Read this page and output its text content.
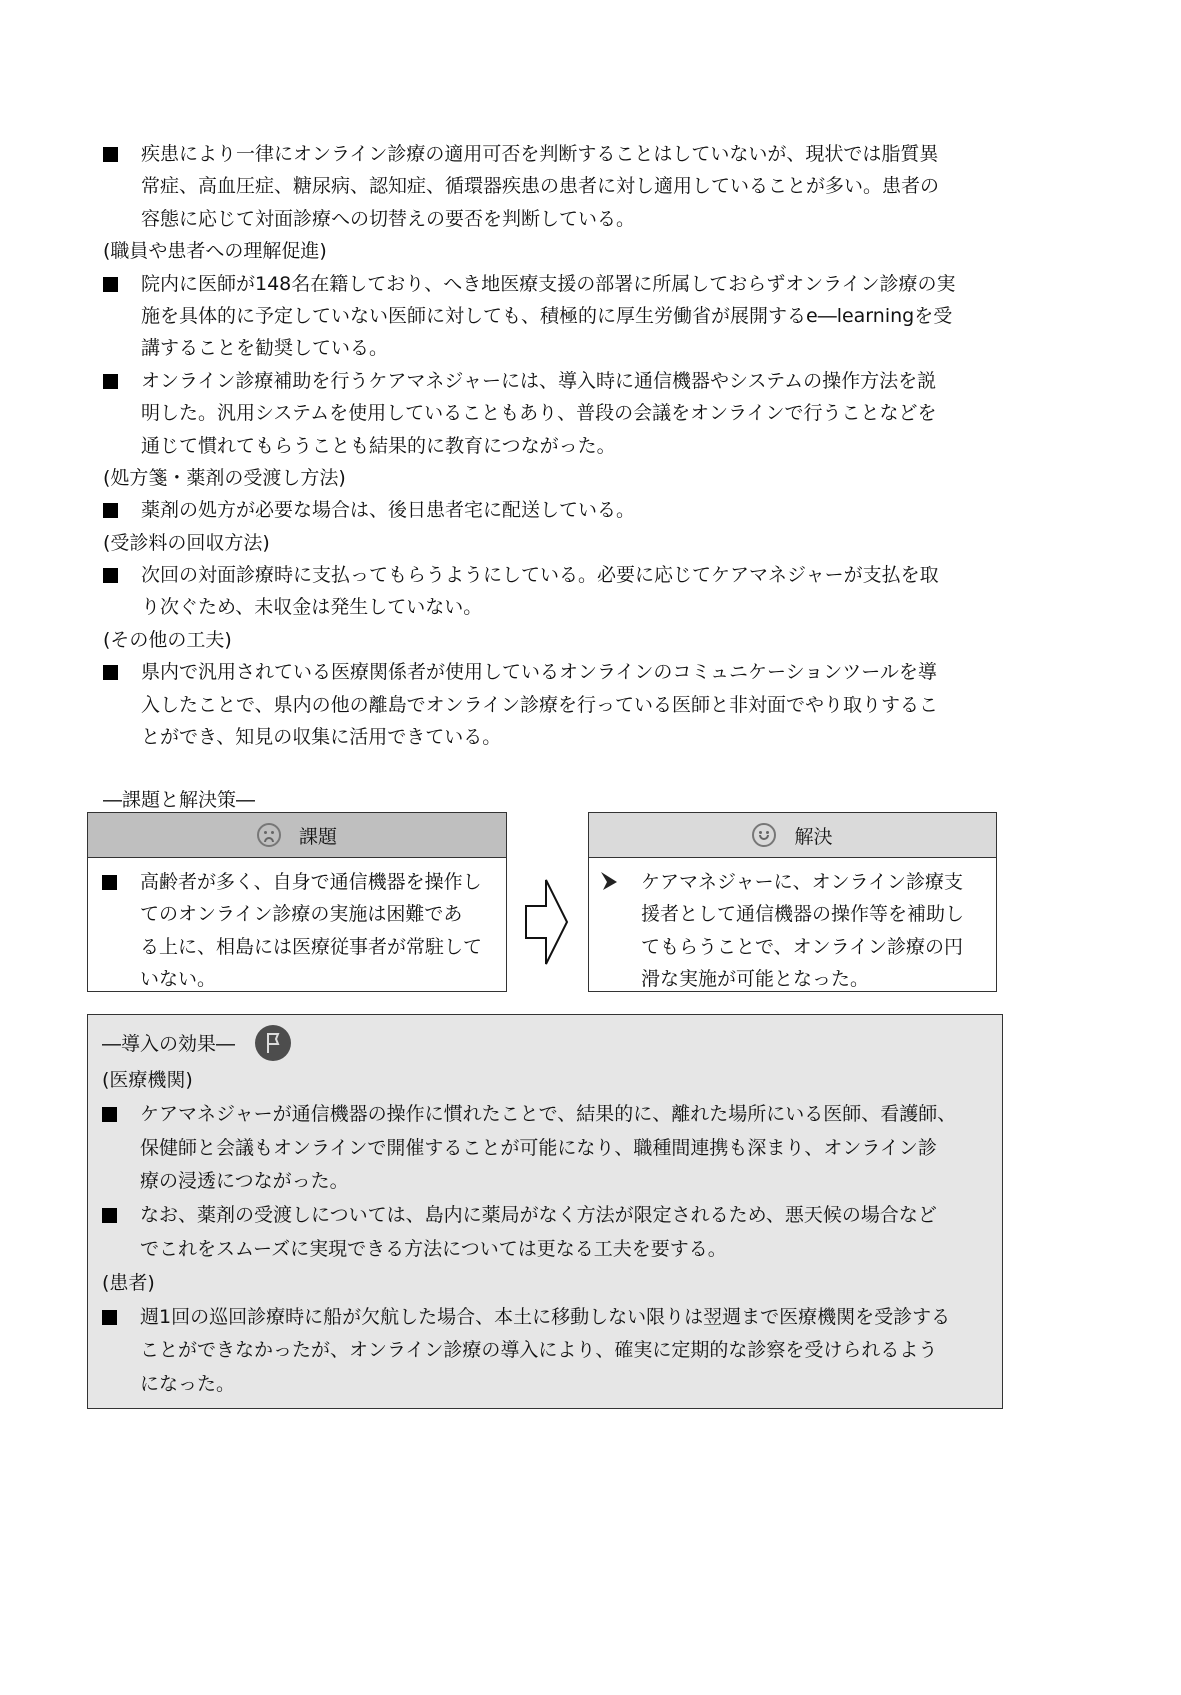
疾患により一律にオンライン診療の適用可否を判断することはしていないが、現状では脂質異
常症、高血圧症、糖尿病、認知症、循環器疾患の患者に対し適用していることが多い。患者の
容態に応じて対面診療への切替えの要否を判断している。
(職員や患者への理解促進)
院内に医師が148名在籍しており、へき地医療支援の部署に所属しておらずオンライン診療の実
施を具体的に予定していない医師に対しても、積極的に厚生労働省が展開するe―learningを受
講することを勧奨している。
オンライン診療補助を行うケアマネジャーには、導入時に通信機器やシステムの操作方法を説
明した。汎用システムを使用していることもあり、普段の会議をオンラインで行うことなどを
通じて慣れてもらうことも結果的に教育につながった。
(処方箋・薬剤の受渡し方法)
薬剤の処方が必要な場合は、後日患者宅に配送している。
(受診料の回収方法)
次回の対面診療時に支払ってもらうようにしている。必要に応じてケアマネジャーが支払を取
り次ぐため、未収金は発生していない。
(その他の工夫)
県内で汎用されている医療関係者が使用しているオンラインのコミュニケーションツールを導
入したことで、県内の他の離島でオンライン診療を行っている医師と非対面でやり取りするこ
とができ、知見の収集に活用できている。
―課題と解決策―
課題
高齢者が多く、自身で通信機器を操作し
てのオンライン診療の実施は困難であ
る上に、相島には医療従事者が常駐して
いない。
解決
ケアマネジャーに、オンライン診療支
援者として通信機器の操作等を補助し
てもらうことで、オンライン診療の円
滑な実施が可能となった。
―導入の効果―
(医療機関)
ケアマネジャーが通信機器の操作に慣れたことで、結果的に、離れた場所にいる医師、看護師、
保健師と会議もオンラインで開催することが可能になり、職種間連携も深まり、オンライン診
療の浸透につながった。
なお、薬剤の受渡しについては、島内に薬局がなく方法が限定されるため、悪天候の場合など
でこれをスムーズに実現できる方法については更なる工夫を要する。
(患者)
週1回の巡回診療時に船が欠航した場合、本土に移動しない限りは翌週まで医療機関を受診する
ことができなかったが、オンライン診療の導入により、確実に定期的な診察を受けられるよう
になった。
